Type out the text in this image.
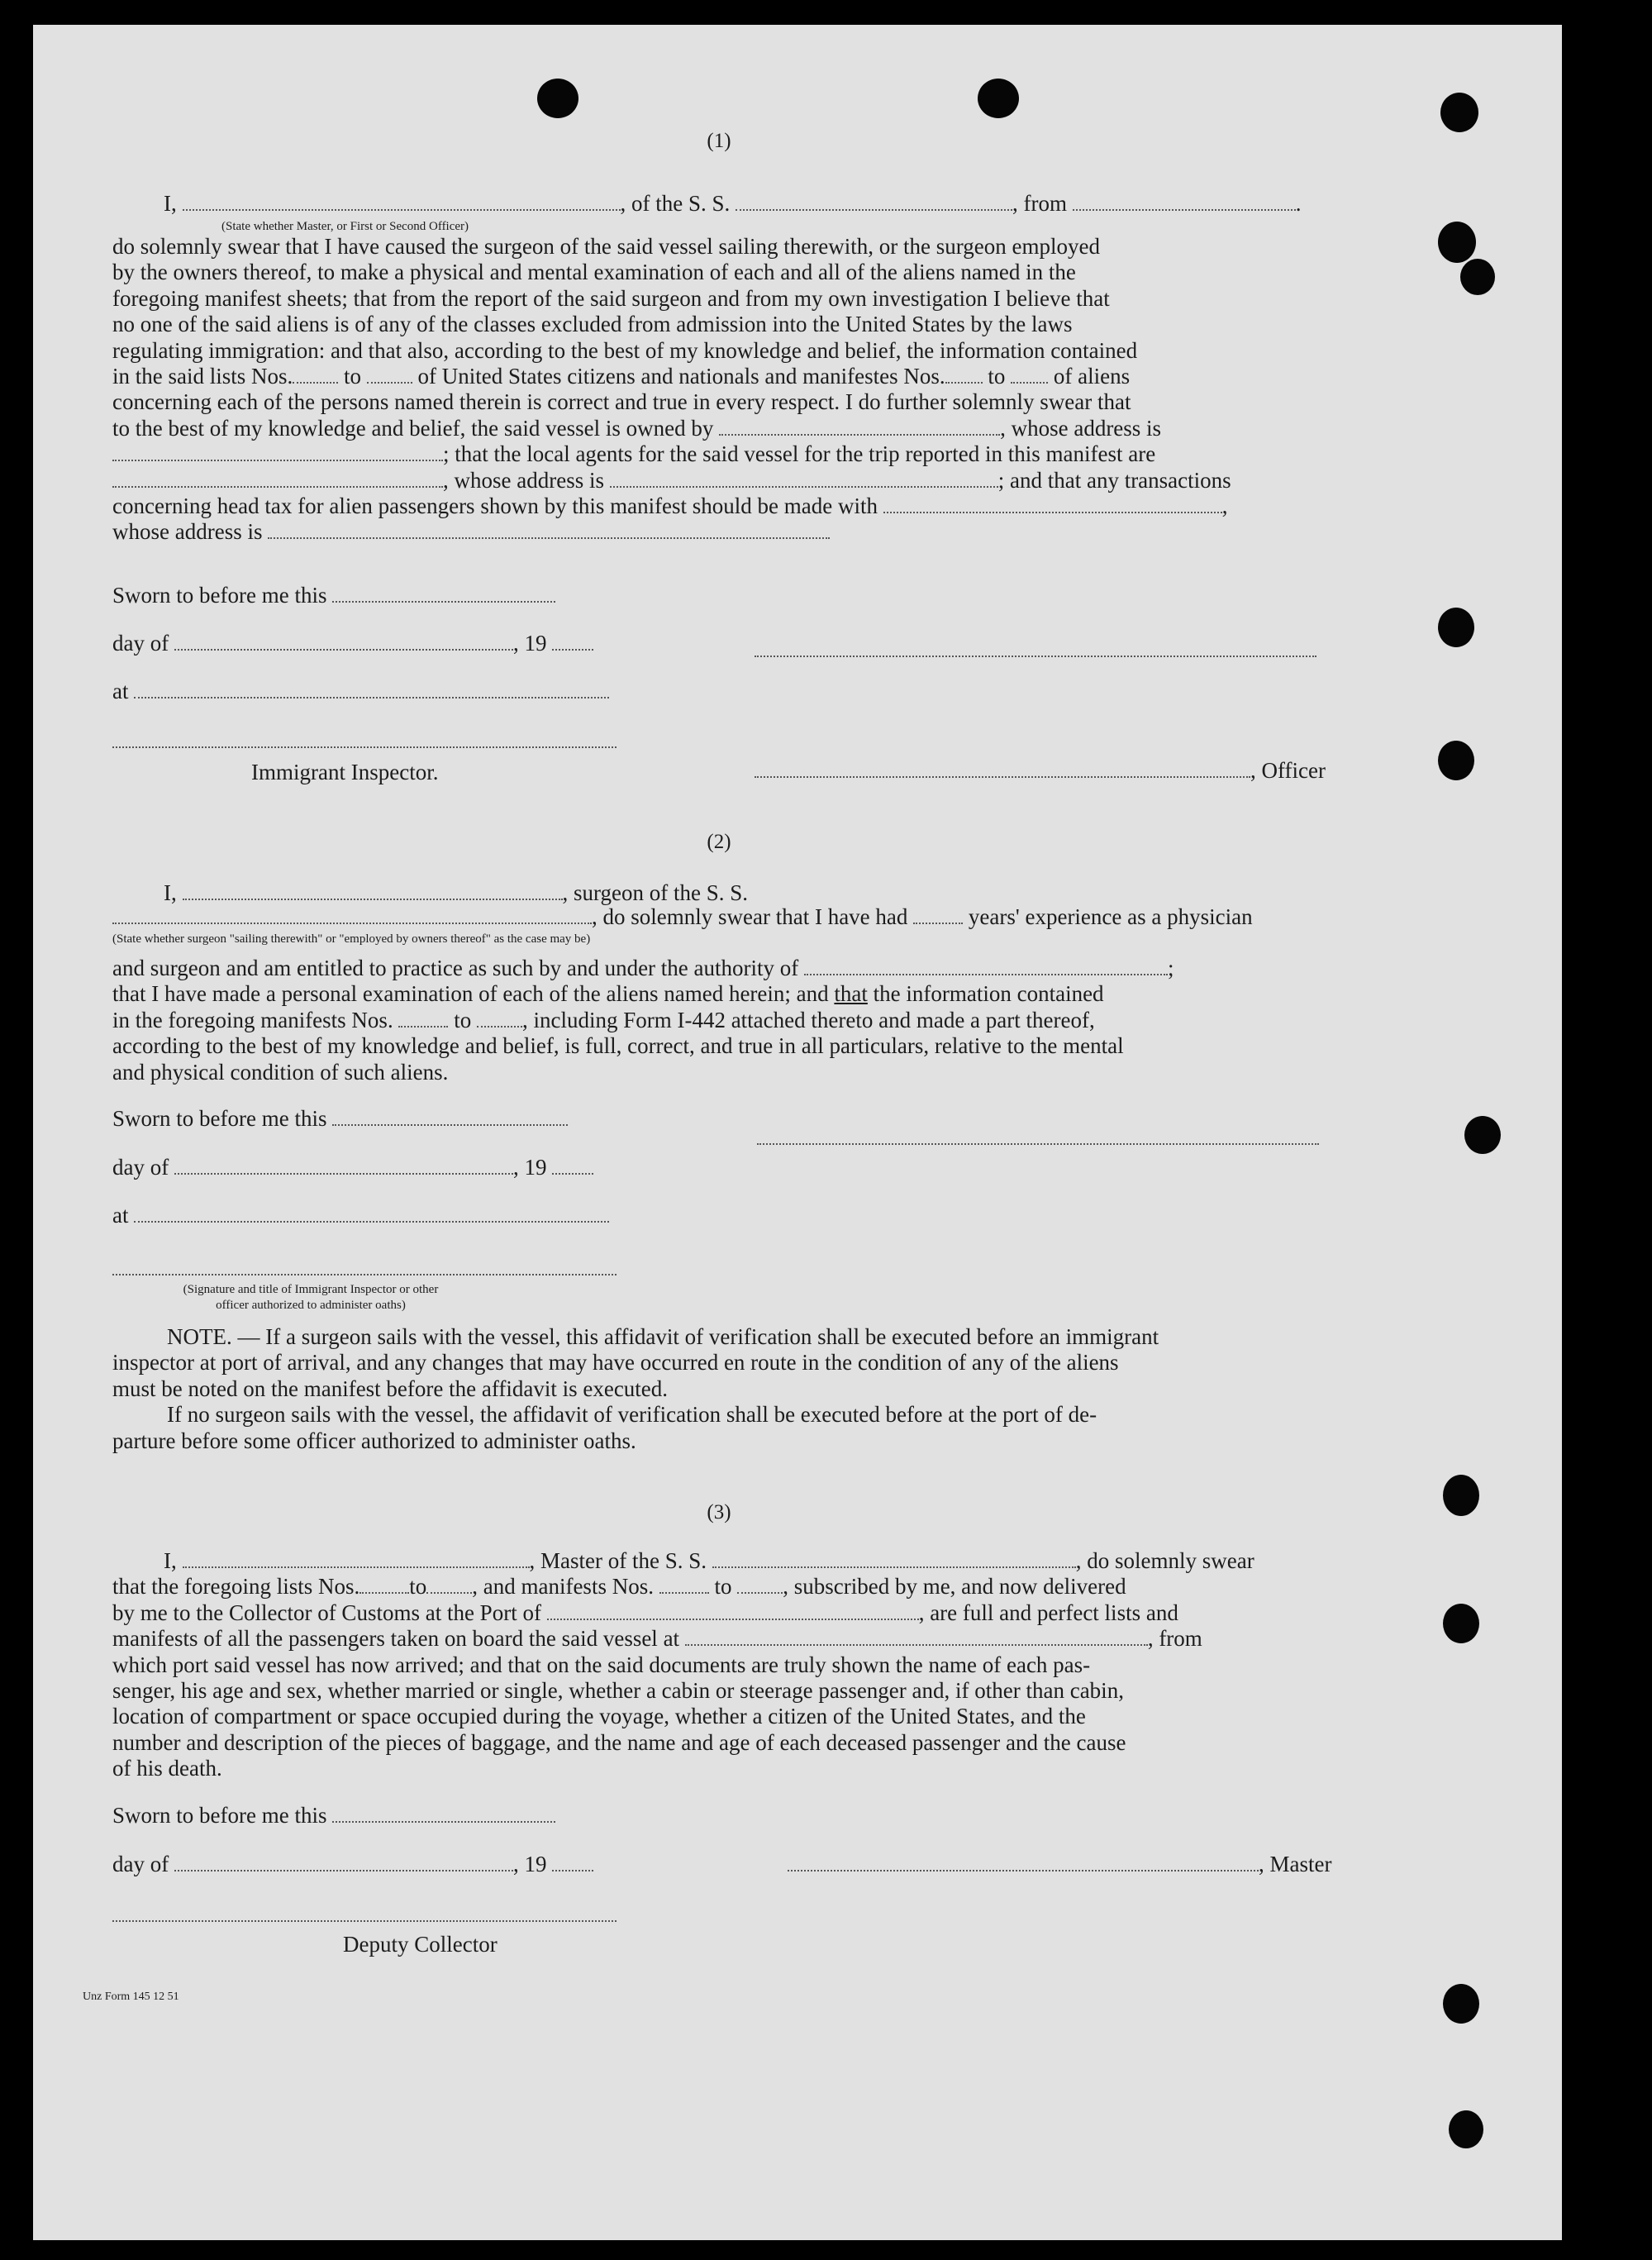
(1)
I,	, of the S. S.	, from	.
(State whether Master, or First or Second Officer)
do solemnly swear that I have caused the surgeon of the said vessel sailing therewith, or the surgeon employed
by the owners thereof, to make a physical and mental examination of each and all of the aliens named in the
foregoing manifest sheets; that from the report of the said surgeon and from my own investigation I believe that
no one of the said aliens is of any of the classes excluded from admission into the United States by the laws
regulating immigration: and that also, according to the best of my knowledge and belief, the information contained
in the said lists Nos. to	of United States citizens and nationals and manifestes Nos. to of aliens
concerning each of the persons named therein is correct and true in every respect. I do further solemnly swear that
to the best of my knowledge and belief, the said vessel is owned by	, whose address is
; that the local agents for the said vessel for the trip reported in this manifest are
, whose address is	; and that any transactions
concerning head tax for alien passengers shown by this manifest should be made with	,
whose address is
Sworn to before me this
day of	, 19
at
Immigrant Inspector.	, Officer
(2)
I,	, surgeon of the S. S.
, do solemnly swear that I have had	years' experience as a physician
(State whether surgeon "sailing therewith" or "employed by owners thereof" as the case may be)
and surgeon and am entitled to practice as such by and under the authority of	;
that I have made a personal examination of each of the aliens named herein; and that the information contained
in the foregoing manifests Nos.	to , including Form I-442 attached thereto and made a part thereof,
according to the best of my knowledge and belief, is full, correct, and true in all particulars, relative to the mental
and physical condition of such aliens.
Sworn to before me this
day of	, 19
at
(Signature and title of Immigrant Inspector or other
officer authorized to administer oaths)
NOTE. — If a surgeon sails with the vessel, this affidavit of verification shall be executed before an immigrant
inspector at port of arrival, and any changes that may have occurred en route in the condition of any of the aliens
must be noted on the manifest before the affidavit is executed.
If no surgeon sails with the vessel, the affidavit of verification shall be executed before at the port of de-
parture before some officer authorized to administer oaths.
(3)
I,	, Master of the S. S.	, do solemnly swear
that the foregoing lists Nos. to , and manifests Nos.	to , subscribed by me, and now delivered
by me to the Collector of Customs at the Port of	, are full and perfect lists and
manifests of all the passengers taken on board the said vessel at	, from
which port said vessel has now arrived; and that on the said documents are truly shown the name of each pas-
senger, his age and sex, whether married or single, whether a cabin or steerage passenger and, if other than cabin,
location of compartment or space occupied during the voyage, whether a citizen of the United States, and the
number and description of the pieces of baggage, and the name and age of each deceased passenger and the cause
of his death.
Sworn to before me this
day of	, 19	, Master
Deputy Collector
Unz Form 145 12 51
